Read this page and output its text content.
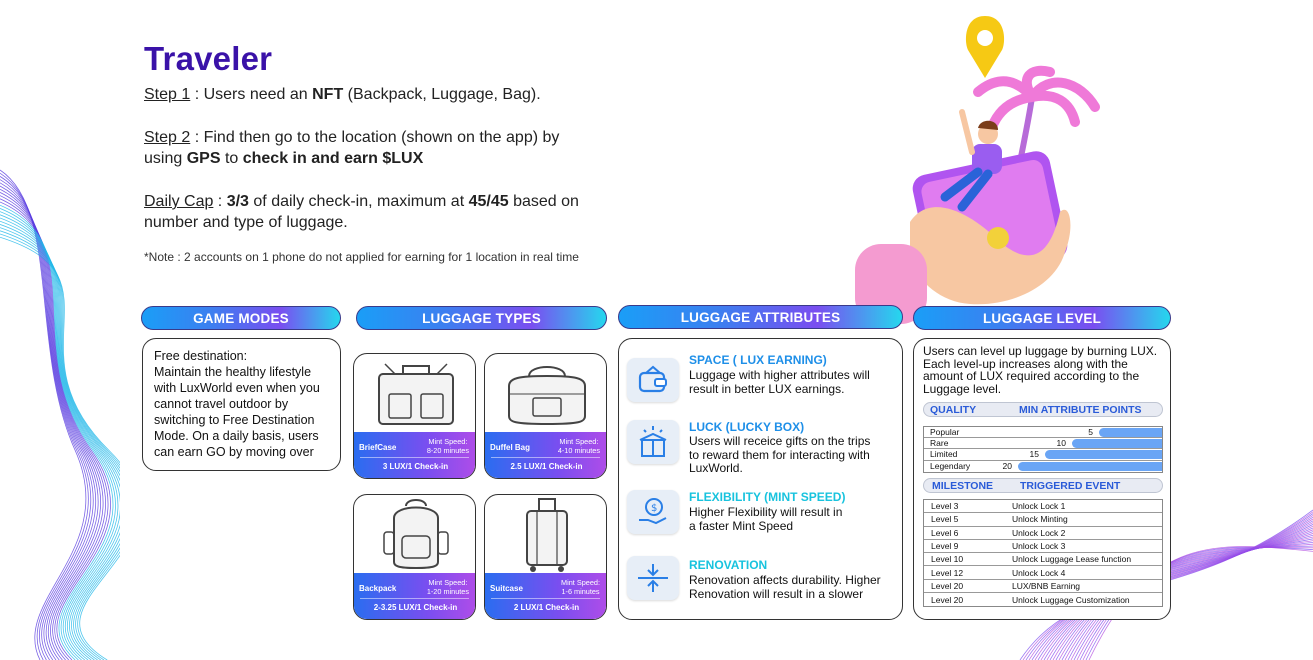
Traveler
Step 1 : Users need an NFT (Backpack, Luggage, Bag).
Step 2 : Find then go to the location (shown on the app) by
using GPS to check in and earn $LUX
Daily Cap : 3/3 of daily check-in, maximum at 45/45 based on
number and type of luggage.
*Note : 2 accounts on 1 phone do not applied for earning for 1 location in real time
GAME MODES	LUGGAGE TYPES	LUGGAGE ATTRIBUTES	LUGGAGE LEVEL
Free destination:
Maintain the healthy lifestyle
with LuxWorld even when you
cannot travel outdoor by
switching to Free Destination
Mode. On a daily basis, users
can earn GO by moving over	BriefCase
Mint Speed:
8-20 minutes
3 LUX/1 Check-in
Duffel Bag
Mint Speed:
4-10 minutes
2.5 LUX/1 Check-in
Backpack
Mint Speed:
1-20 minutes
2-3.25 LUX/1 Check-in
Suitcase
Mint Speed:
1-6 minutes
2 LUX/1 Check-in
SPACE ( LUX EARNING)
Luggage with higher attributes will
result in better LUX earnings.
LUCK (LUCKY BOX)
Users will receice gifts on the trips
to reward them for interacting with
LuxWorld.
$
FLEXIBILITY (MINT SPEED)
Higher Flexibility will result in
a faster Mint Speed
RENOVATION
Renovation affects durability. Higher
Renovation will result in a slower
Users can level up luggage by burning LUX.
Each level-up increases along with the
amount of LUX required according to the
Luggage level.
QUALITY	MIN ATTRIBUTE POINTS
Popular	5
Rare	10
Limited	15
Legendary	20
MILESTONE	TRIGGERED EVENT
Level 3	Unlock Lock 1
Level 5	Unlock Minting
Level 6	Unlock Lock 2
Level 9	Unlock Lock 3
Level 10	Unlock Luggage Lease function
Level 12	Unlock Lock 4
Level 20	LUX/BNB Earning
Level 20	Unlock Luggage Customization
